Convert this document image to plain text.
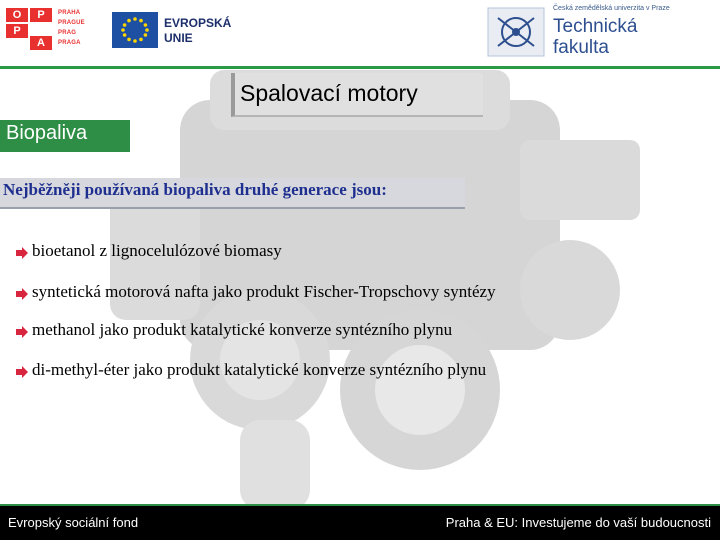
O	P
P
A
PRAHA
PRAGUE
PRAG
PRAGA
EVROPSKÁ
UNIE
Česká zemědělská univerzita v Praze
Technická
fakulta
Spalovací motory
Biopaliva
Nejběžněji používaná biopaliva druhé generace jsou:
bioetanol z lignocelulózové biomasy
syntetická motorová nafta jako produkt Fischer-Tropschovy syntézy
methanol jako produkt katalytické konverze syntézního plynu
di-methyl-éter jako produkt katalytické konverze syntézního plynu
Evropský sociální fond	Praha & EU: Investujeme do vaší budoucnosti
